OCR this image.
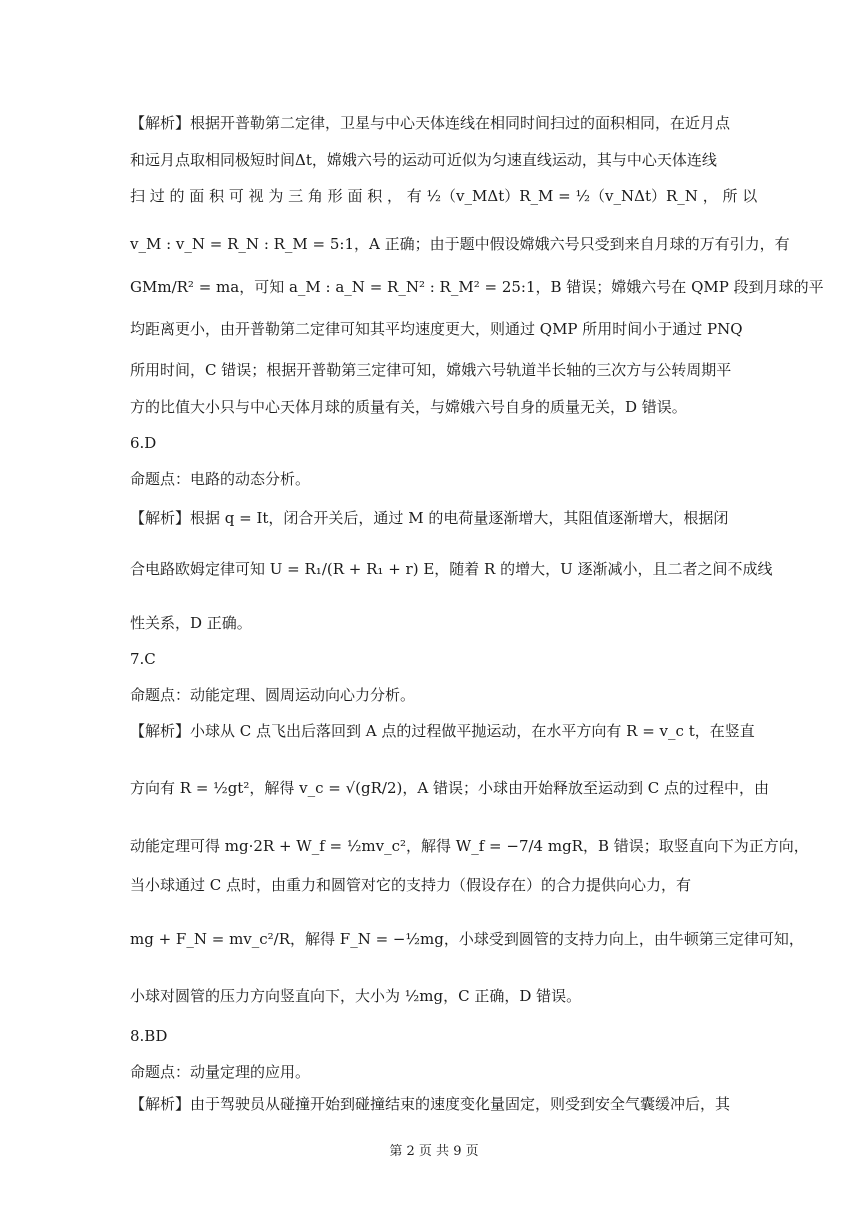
【解析】根据开普勒第二定律，卫星与中心天体连线在相同时间扫过的面积相同，在近月点
和远月点取相同极短时间Δt，嫦娥六号的运动可近似为匀速直线运动，其与中心天体连线
扫 过 的 面 积 可 视 为 三 角 形 面 积 ， 有 ½（v_MΔt）R_M = ½（v_NΔt）R_N ， 所 以
v_M : v_N = R_N : R_M = 5:1，A 正确；由于题中假设嫦娥六号只受到来自月球的万有引力，有
GMm/R² = ma，可知 a_M : a_N = R_N² : R_M² = 25:1，B 错误；嫦娥六号在 QMP 段到月球的平
均距离更小，由开普勒第二定律可知其平均速度更大，则通过 QMP 所用时间小于通过 PNQ
所用时间，C 错误；根据开普勒第三定律可知，嫦娥六号轨道半长轴的三次方与公转周期平
方的比值大小只与中心天体月球的质量有关，与嫦娥六号自身的质量无关，D 错误。
6.D
命题点：电路的动态分析。
【解析】根据 q = It，闭合开关后，通过 M 的电荷量逐渐增大，其阻值逐渐增大，根据闭
合电路欧姆定律可知 U = R₁/(R + R₁ + r) E，随着 R 的增大，U 逐渐减小，且二者之间不成线
性关系，D 正确。
7.C
命题点：动能定理、圆周运动向心力分析。
【解析】小球从 C 点飞出后落回到 A 点的过程做平抛运动，在水平方向有 R = v_c t，在竖直
方向有 R = ½gt²，解得 v_c = √(gR/2)，A 错误；小球由开始释放至运动到 C 点的过程中，由
动能定理可得 mg·2R + W_f = ½mv_c²，解得 W_f = −7/4 mgR，B 错误；取竖直向下为正方向，
当小球通过 C 点时，由重力和圆管对它的支持力（假设存在）的合力提供向心力，有
mg + F_N = mv_c²/R，解得 F_N = −½mg，小球受到圆管的支持力向上，由牛顿第三定律可知，
小球对圆管的压力方向竖直向下，大小为 ½mg，C 正确，D 错误。
8.BD
命题点：动量定理的应用。
【解析】由于驾驶员从碰撞开始到碰撞结束的速度变化量固定，则受到安全气囊缓冲后，其
第 2 页 共 9 页
